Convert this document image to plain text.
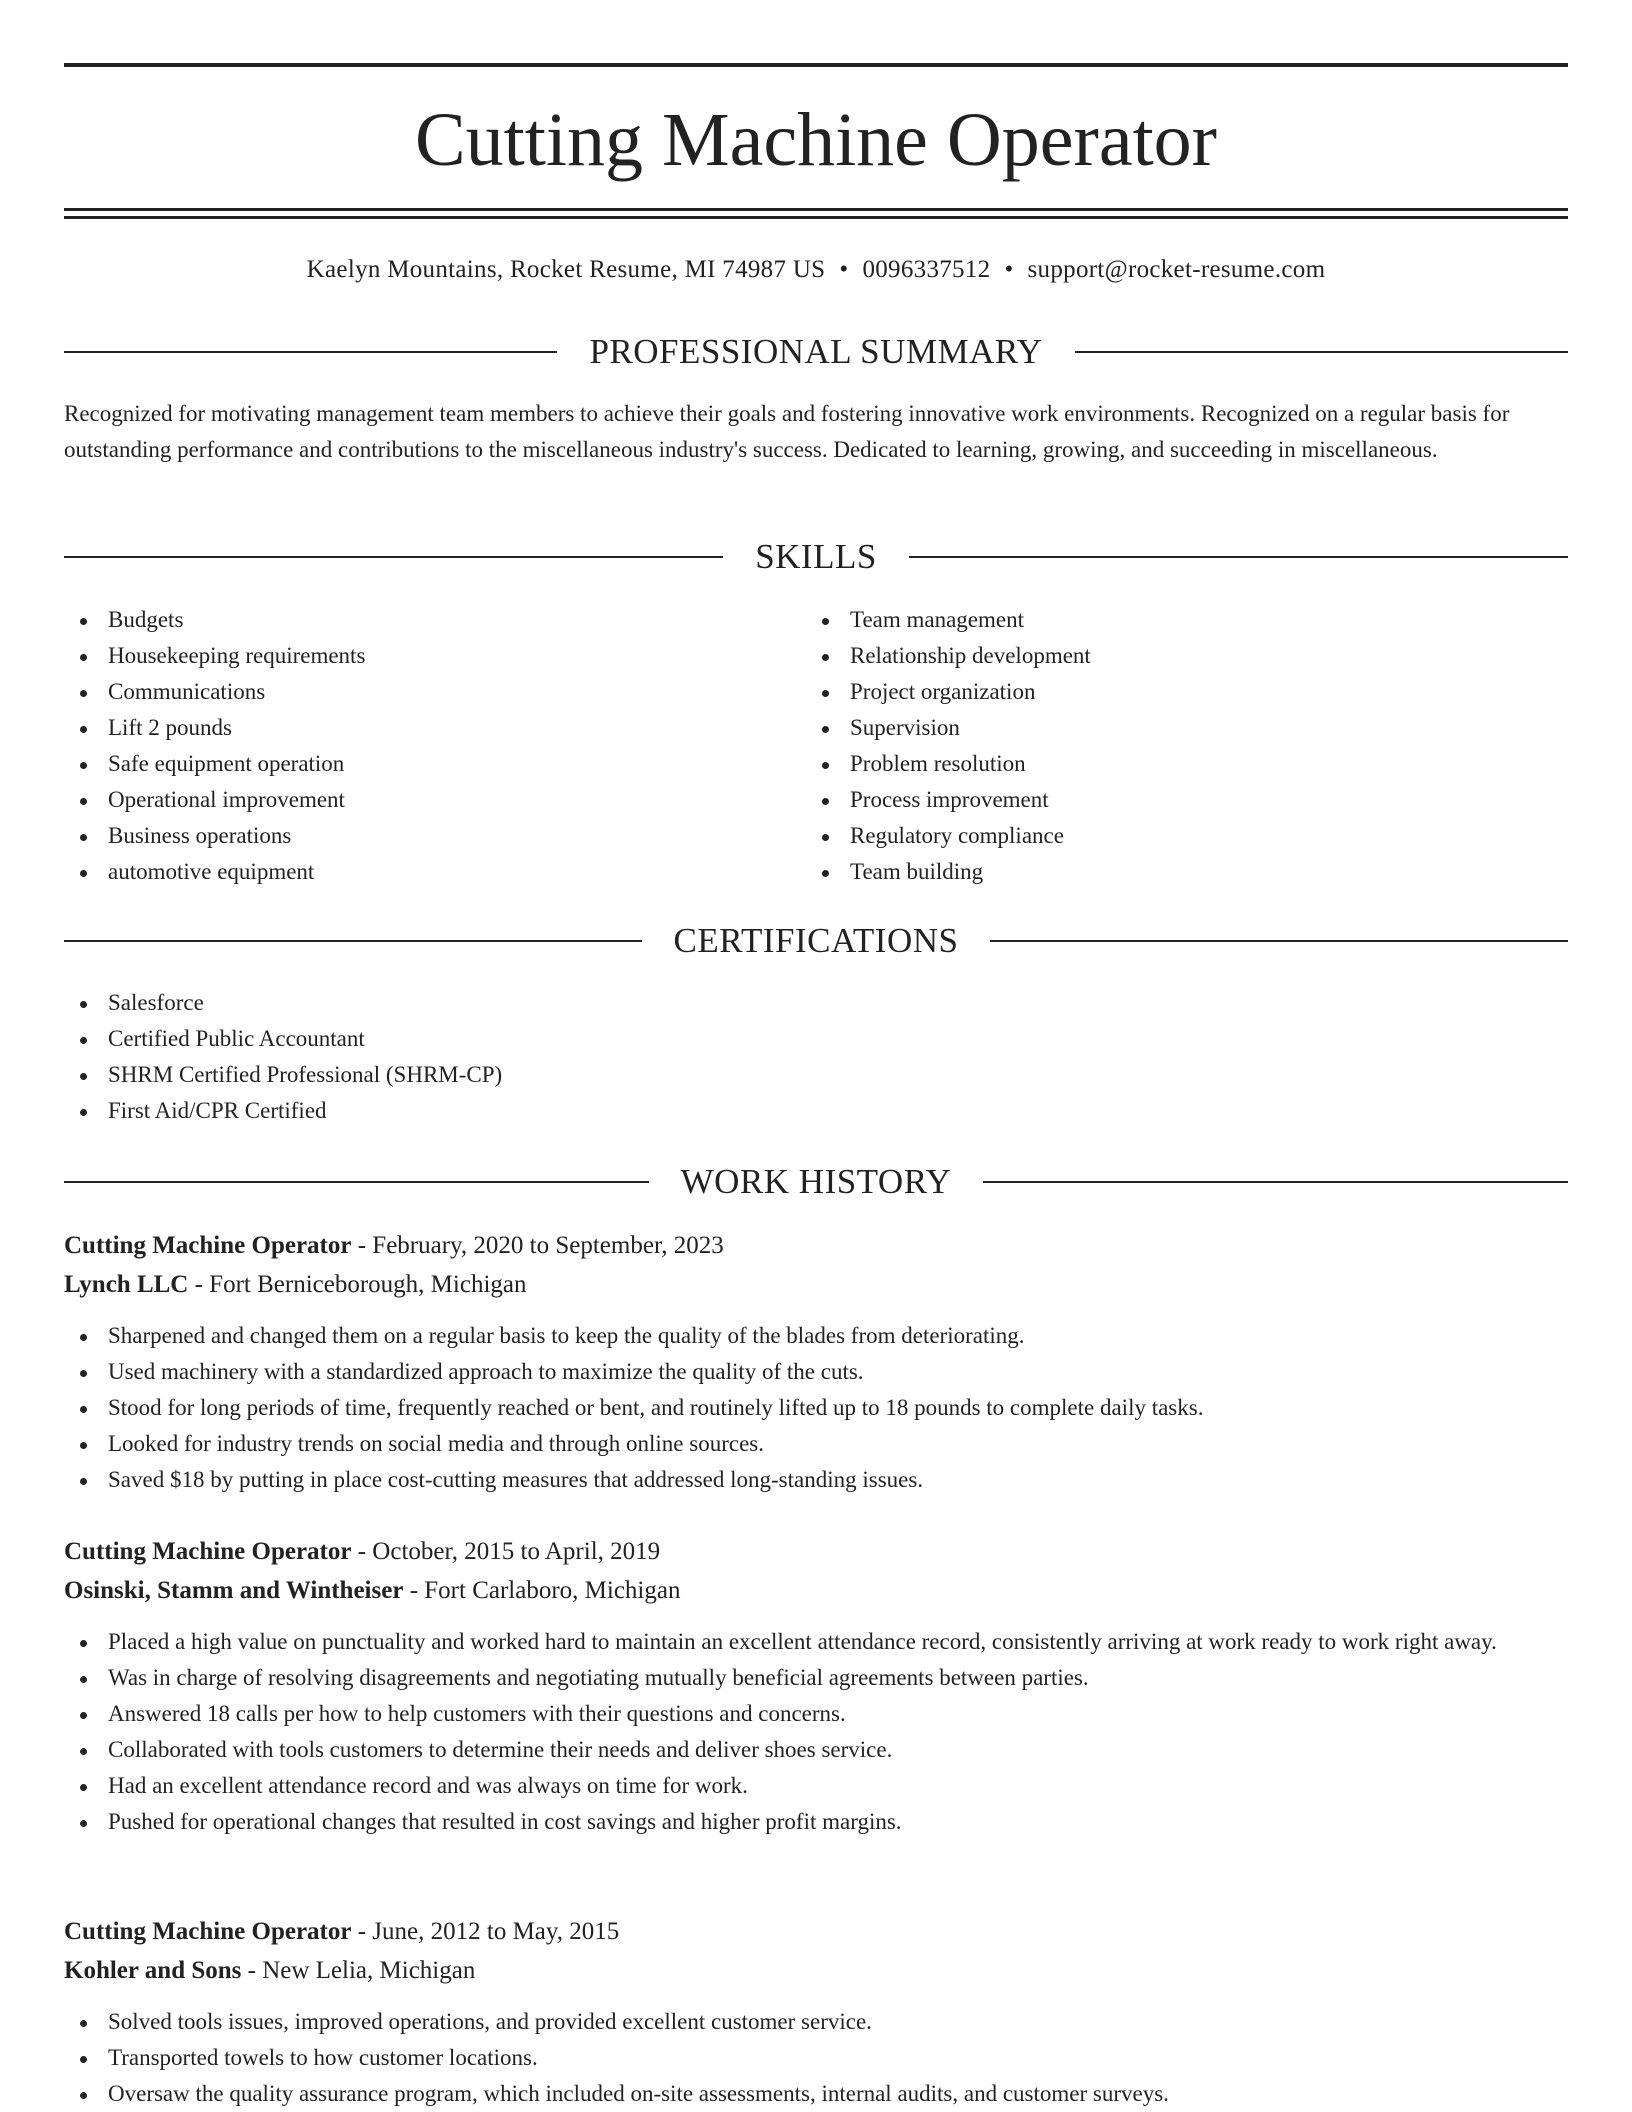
Cutting Machine Operator
Kaelyn Mountains, Rocket Resume, MI 74987 US • 0096337512 • support@rocket-resume.com
PROFESSIONAL SUMMARY

Recognized for motivating management team members to achieve their goals and fostering innovative work environments. Recognized on a regular basis for outstanding performance and contributions to the miscellaneous industry's success. Dedicated to learning, growing, and succeeding in miscellaneous.

SKILLS
Budgets
Housekeeping requirements
Communications
Lift 2 pounds
Safe equipment operation
Operational improvement
Business operations
automotive equipment
Team management
Relationship development
Project organization
Supervision
Problem resolution
Process improvement
Regulatory compliance
Team building
CERTIFICATIONS
Salesforce
Certified Public Accountant
SHRM Certified Professional (SHRM-CP)
First Aid/CPR Certified
WORK HISTORY
Cutting Machine Operator - February, 2020 to September, 2023
Lynch LLC - Fort Berniceborough, Michigan
Sharpened and changed them on a regular basis to keep the quality of the blades from deteriorating.
Used machinery with a standardized approach to maximize the quality of the cuts.
Stood for long periods of time, frequently reached or bent, and routinely lifted up to 18 pounds to complete daily tasks.
Looked for industry trends on social media and through online sources.
Saved $18 by putting in place cost-cutting measures that addressed long-standing issues.
Cutting Machine Operator - October, 2015 to April, 2019
Osinski, Stamm and Wintheiser - Fort Carlaboro, Michigan
Placed a high value on punctuality and worked hard to maintain an excellent attendance record, consistently arriving at work ready to work right away.
Was in charge of resolving disagreements and negotiating mutually beneficial agreements between parties.
Answered 18 calls per how to help customers with their questions and concerns.
Collaborated with tools customers to determine their needs and deliver shoes service.
Had an excellent attendance record and was always on time for work.
Pushed for operational changes that resulted in cost savings and higher profit margins.
Cutting Machine Operator - June, 2012 to May, 2015
Kohler and Sons - New Lelia, Michigan
Solved tools issues, improved operations, and provided excellent customer service.
Transported towels to how customer locations.
Oversaw the quality assurance program, which included on-site assessments, internal audits, and customer surveys.
